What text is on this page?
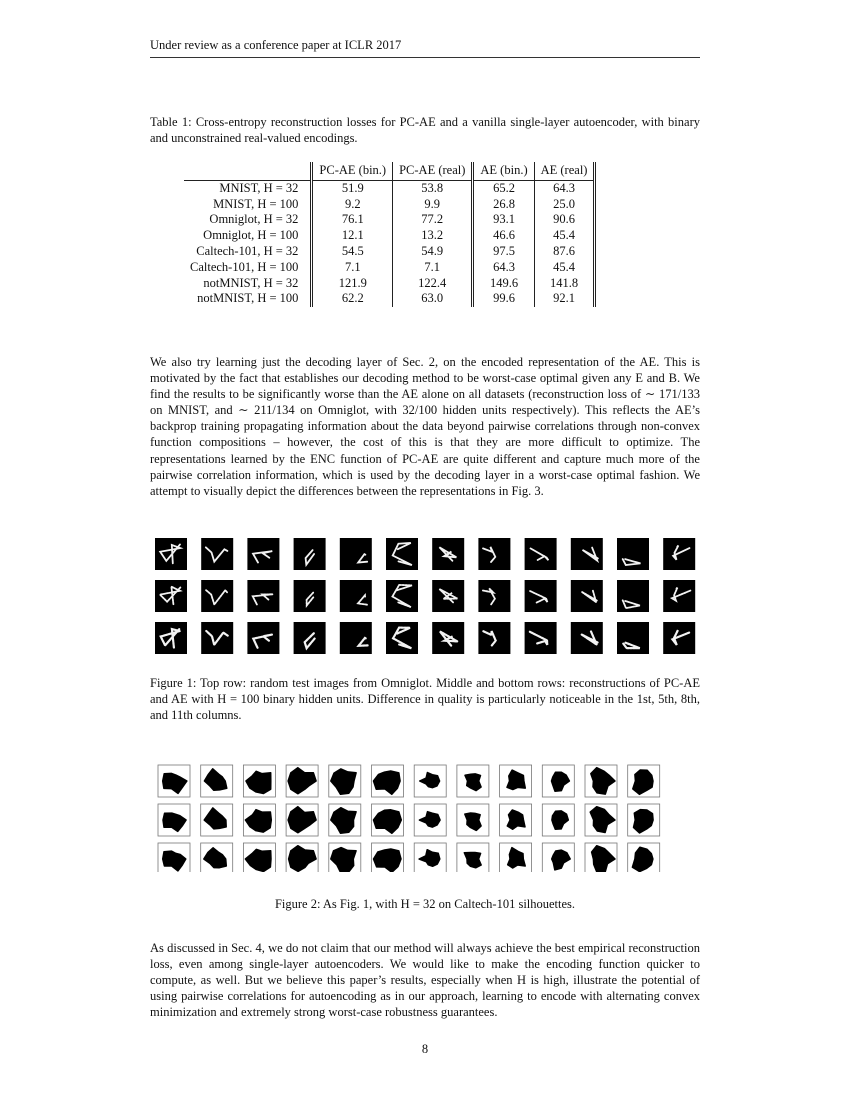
Under review as a conference paper at ICLR 2017
Table 1: Cross-entropy reconstruction losses for PC-AE and a vanilla single-layer autoencoder, with binary and unconstrained real-valued encodings.
	PC-AE (bin.)	PC-AE (real)	AE (bin.)	AE (real)
MNIST, H = 32	51.9	53.8	65.2	64.3
MNIST, H = 100	9.2	9.9	26.8	25.0
Omniglot, H = 32	76.1	77.2	93.1	90.6
Omniglot, H = 100	12.1	13.2	46.6	45.4
Caltech-101, H = 32	54.5	54.9	97.5	87.6
Caltech-101, H = 100	7.1	7.1	64.3	45.4
notMNIST, H = 32	121.9	122.4	149.6	141.8
notMNIST, H = 100	62.2	63.0	99.6	92.1
We also try learning just the decoding layer of Sec. 2, on the encoded representation of the AE. This is motivated by the fact that establishes our decoding method to be worst-case optimal given any E and B. We find the results to be significantly worse than the AE alone on all datasets (reconstruction loss of ∼ 171/133 on MNIST, and ∼ 211/134 on Omniglot, with 32/100 hidden units respectively). This reflects the AE’s backprop training propagating information about the data beyond pairwise correlations through non-convex function compositions – however, the cost of this is that they are more difficult to optimize. The representations learned by the ENC function of PC-AE are quite different and capture much more of the pairwise correlation information, which is used by the decoding layer in a worst-case optimal fashion. We attempt to visually depict the differences between the representations in Fig. 3.
Figure 1: Top row: random test images from Omniglot. Middle and bottom rows: reconstructions of PC-AE and AE with H = 100 binary hidden units. Difference in quality is particularly noticeable in the 1st, 5th, 8th, and 11th columns.
Figure 2: As Fig. 1, with H = 32 on Caltech-101 silhouettes.
As discussed in Sec. 4, we do not claim that our method will always achieve the best empirical reconstruction loss, even among single-layer autoencoders. We would like to make the encoding function quicker to compute, as well. But we believe this paper’s results, especially when H is high, illustrate the potential of using pairwise correlations for autoencoding as in our approach, learning to encode with alternating convex minimization and extremely strong worst-case robustness guarantees.
8
